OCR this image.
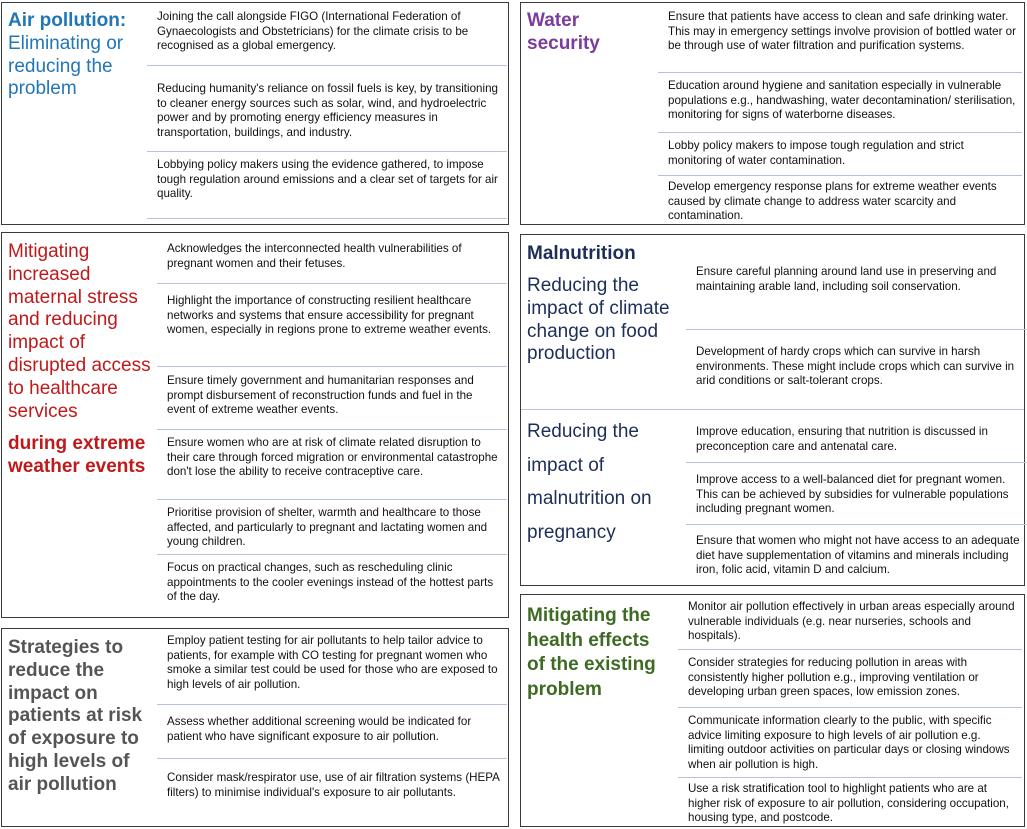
Air pollution:
Eliminating or reducing the problem
Joining the call alongside FIGO (International Federation of Gynaecologists and Obstetricians) for the climate crisis to be recognised as a global emergency.
Reducing humanity's reliance on fossil fuels is key, by transitioning to cleaner energy sources such as solar, wind, and hydroelectric power and by promoting energy efficiency measures in transportation, buildings, and industry.
Lobbying policy makers using the evidence gathered, to impose tough regulation around emissions and a clear set of targets for air quality.
Water security
Ensure that patients have access to clean and safe drinking water. This may in emergency settings involve provision of bottled water or be through use of water filtration and purification systems.
Education around hygiene and sanitation especially in vulnerable populations e.g., handwashing, water decontamination/ sterilisation, monitoring for signs of waterborne diseases.
Lobby policy makers to impose tough regulation and strict monitoring of water contamination.
Develop emergency response plans for extreme weather events caused by climate change to address water scarcity and contamination.
Mitigating increased maternal stress and reducing impact of disrupted access to healthcare services
during extreme weather events
Acknowledges the interconnected health vulnerabilities of pregnant women and their fetuses.
Highlight the importance of constructing resilient healthcare networks and systems that ensure accessibility for pregnant women, especially in regions prone to extreme weather events.
Ensure timely government and humanitarian responses and prompt disbursement of reconstruction funds and fuel in the event of extreme weather events.
Ensure women who are at risk of climate related disruption to their care through forced migration or environmental catastrophe don't lose the ability to receive contraceptive care.
Prioritise provision of shelter, warmth and healthcare to those affected, and particularly to pregnant and lactating women and young children.
Focus on practical changes, such as rescheduling clinic appointments to the cooler evenings instead of the hottest parts of the day.
Malnutrition
Reducing the impact of climate change on food production
Reducing the impact of malnutrition on pregnancy
Ensure careful planning around land use in preserving and maintaining arable land, including soil conservation.
Development of hardy crops which can survive in harsh environments. These might include crops which can survive in arid conditions or salt-tolerant crops.
Improve education, ensuring that nutrition is discussed in preconception care and antenatal care.
Improve access to a well-balanced diet for pregnant women. This can be achieved by subsidies for vulnerable populations including pregnant women.
Ensure that women who might not have access to an adequate diet have supplementation of vitamins and minerals including iron, folic acid, vitamin D and calcium.
Strategies to reduce the impact on patients at risk of exposure to high levels of air pollution
Employ patient testing for air pollutants to help tailor advice to patients, for example with CO testing for pregnant women who smoke a similar test could be used for those who are exposed to high levels of air pollution.
Assess whether additional screening would be indicated for patient who have significant exposure to air pollution.
Consider mask/respirator use, use of air filtration systems (HEPA filters) to minimise individual's exposure to air pollutants.
Mitigating the health effects of the existing problem
Monitor air pollution effectively in urban areas especially around vulnerable individuals (e.g. near nurseries, schools and hospitals).
Consider strategies for reducing pollution in areas with consistently higher pollution e.g., improving ventilation or developing urban green spaces, low emission zones.
Communicate information clearly to the public, with specific advice limiting exposure to high levels of air pollution e.g. limiting outdoor activities on particular days or closing windows when air pollution is high.
Use a risk stratification tool to highlight patients who are at higher risk of exposure to air pollution, considering occupation, housing type, and postcode.
